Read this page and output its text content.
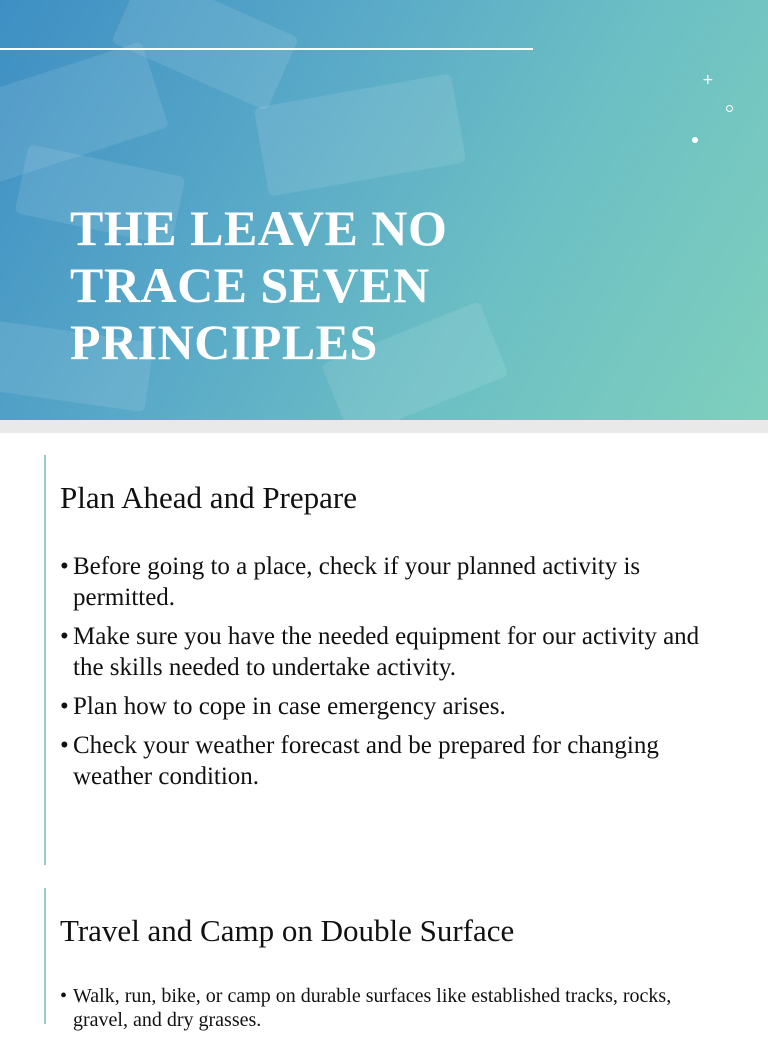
+
THE LEAVE NO TRACE SEVEN PRINCIPLES
Plan Ahead and Prepare
• Before going to a place, check if your planned activity is permitted.
• Make sure you have the needed equipment for our activity and the skills needed to undertake activity.
• Plan how to cope in case emergency arises.
• Check your weather forecast and be prepared for changing weather condition.
Travel and Camp on Double Surface
• Walk, run, bike, or camp on durable surfaces like established tracks, rocks, gravel, and dry grasses.
